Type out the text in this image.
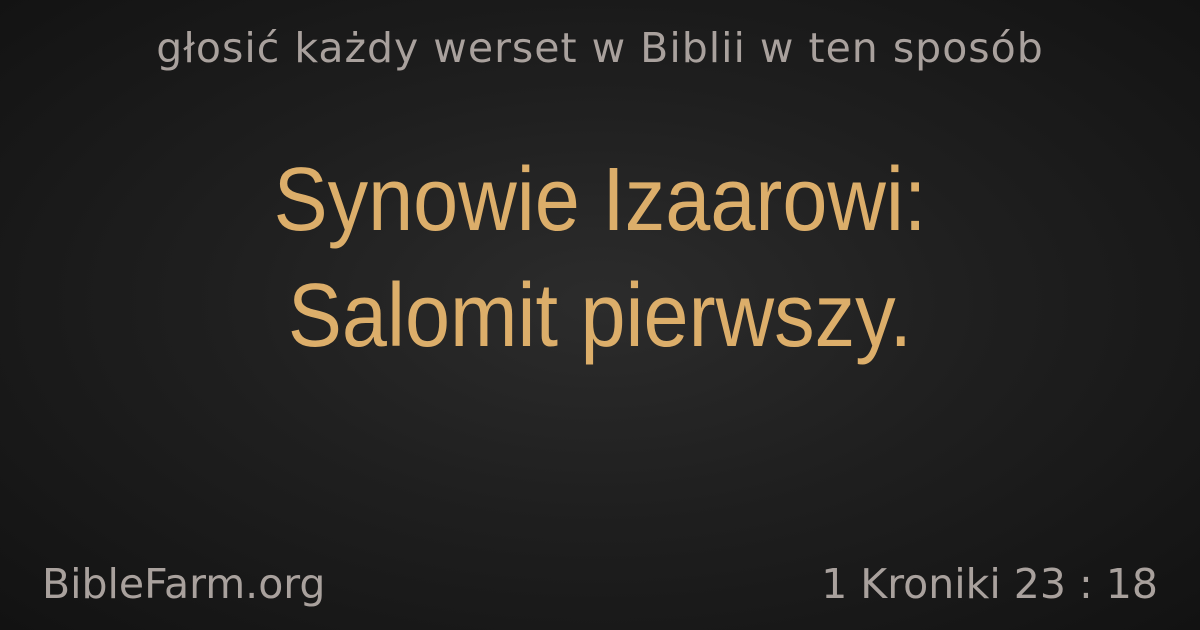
głosić każdy werset w Biblii w ten sposób
Synowie Izaarowi:
Salomit pierwszy.
BibleFarm.org	1 Kroniki 23 : 18
